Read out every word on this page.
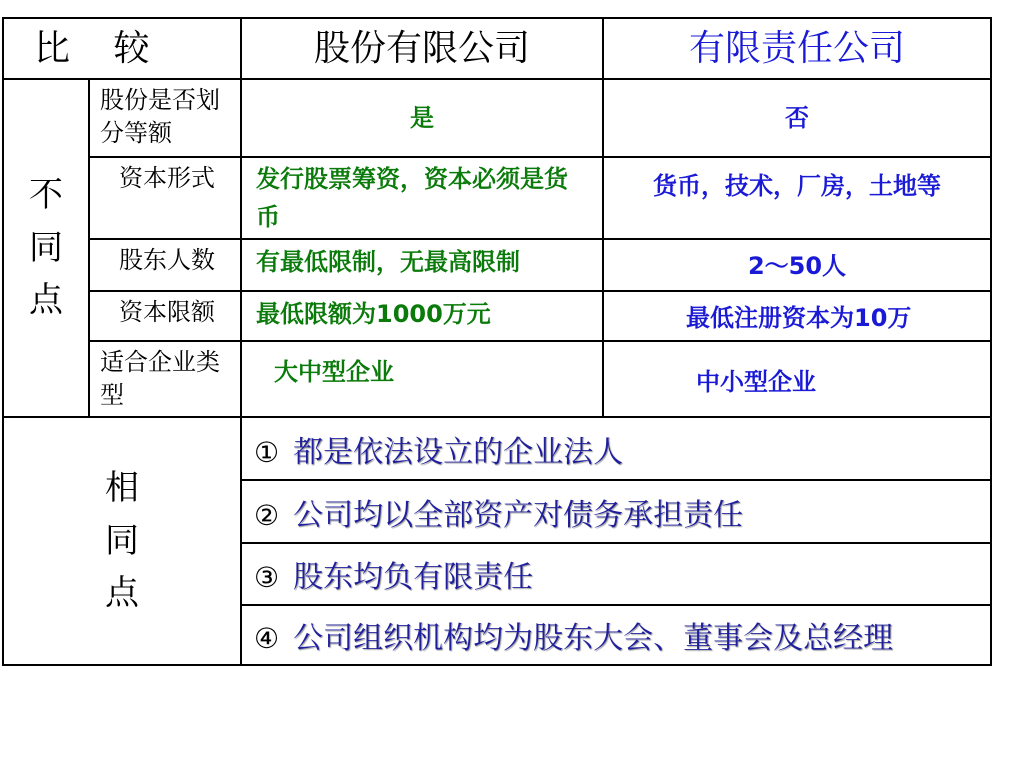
比 较		股份有限公司	有限责任公司

不
同
点	股份是否划分等额	是	否
	资本形式	发行股票筹资，资本必须是货币	货币，技术，厂房，土地等
	股东人数	有最低限制，无最高限制	2～50人
	资本限额	最低限额为1000万元	最低注册资本为10万
	适合企业类型	大中型企业	中小型企业

相
同
点		① 都是依法设立的企业法人	
		② 公司均以全部资产对债务承担责任	
		③ 股东均负有限责任	
		④ 公司组织机构均为股东大会、董事会及总经理	
